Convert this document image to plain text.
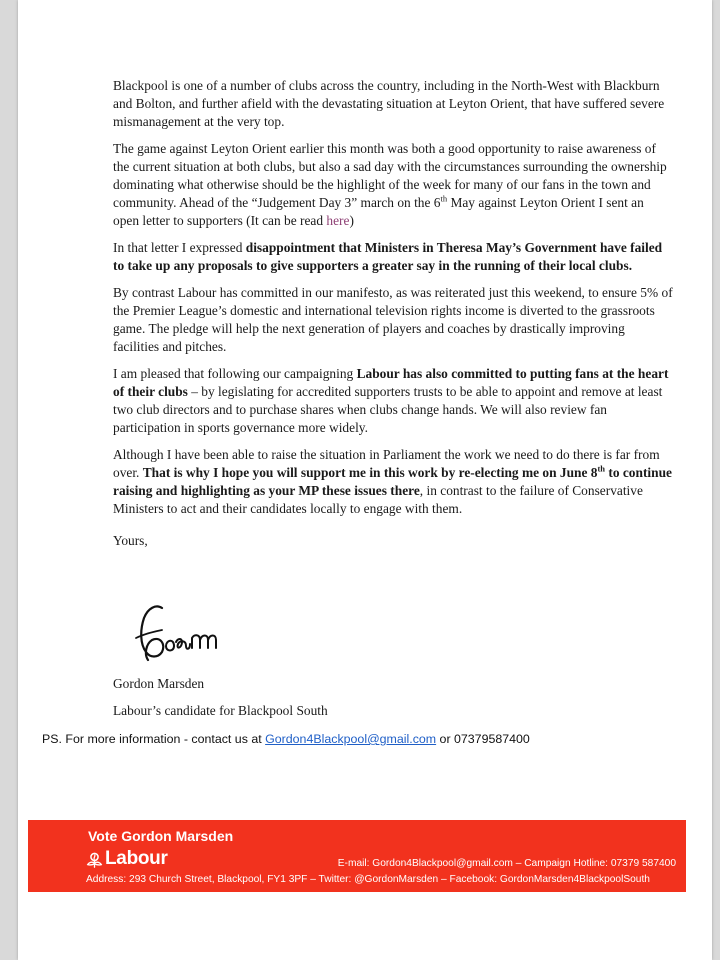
Blackpool is one of a number of clubs across the country, including in the North-West with Blackburn and Bolton, and further afield with the devastating situation at Leyton Orient, that have suffered severe mismanagement at the very top.

The game against Leyton Orient earlier this month was both a good opportunity to raise awareness of the current situation at both clubs, but also a sad day with the circumstances surrounding the ownership dominating what otherwise should be the highlight of the week for many of our fans in the town and community. Ahead of the “Judgement Day 3” march on the 6th May against Leyton Orient I sent an open letter to supporters (It can be read here)

In that letter I expressed disappointment that Ministers in Theresa May’s Government have failed to take up any proposals to give supporters a greater say in the running of their local clubs.

By contrast Labour has committed in our manifesto, as was reiterated just this weekend, to ensure 5% of the Premier League’s domestic and international television rights income is diverted to the grassroots game. The pledge will help the next generation of players and coaches by drastically improving facilities and pitches.

I am pleased that following our campaigning Labour has also committed to putting fans at the heart of their clubs – by legislating for accredited supporters trusts to be able to appoint and remove at least two club directors and to purchase shares when clubs change hands. We will also review fan participation in sports governance more widely.

Although I have been able to raise the situation in Parliament the work we need to do there is far from over. That is why I hope you will support me in this work by re-electing me on June 8th to continue raising and highlighting as your MP these issues there, in contrast to the failure of Conservative Ministers to act and their candidates locally to engage with them.

Yours,

Gordon Marsden
Labour’s candidate for Blackpool South
PS. For more information - contact us at Gordon4Blackpool@gmail.com or 07379587400
Vote Gordon Marsden
Labour	E-mail: Gordon4Blackpool@gmail.com – Campaign Hotline: 07379 587400
Address: 293 Church Street, Blackpool, FY1 3PF – Twitter: @GordonMarsden – Facebook: GordonMarsden4BlackpoolSouth
